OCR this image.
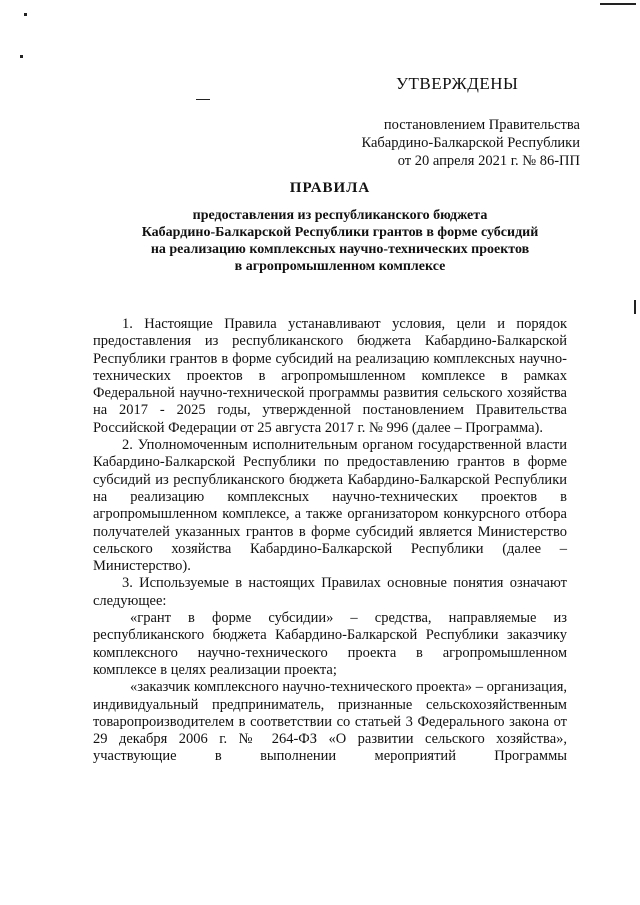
УТВЕРЖДЕНЫ
постановлением Правительства
Кабардино-Балкарской Республики
от 20 апреля 2021 г. № 86-ПП
ПРАВИЛА
предоставления из республиканского бюджета
Кабардино-Балкарской Республики грантов в форме субсидий
на реализацию комплексных научно-технических проектов
в агропромышленном комплексе

1. Настоящие Правила устанавливают условия, цели и порядок предоставления из республиканского бюджета Кабардино-Балкарской Республики грантов в форме субсидий на реализацию комплексных научно-технических проектов в агропромышленном комплексе в рамках Федеральной научно-технической программы развития сельского хозяйства на 2017 - 2025 годы, утвержденной постановлением Правительства Российской Федерации от 25 августа 2017 г. № 996 (далее – Программа).

2. Уполномоченным исполнительным органом государственной власти Кабардино-Балкарской Республики по предоставлению грантов в форме субсидий из республиканского бюджета Кабардино-Балкарской Республики на реализацию комплексных научно-технических проектов в агропромышленном комплексе, а также организатором конкурсного отбора получателей указанных грантов в форме субсидий является Министерство сельского хозяйства Кабардино-Балкарской Республики (далее – Министерство).

3. Используемые в настоящих Правилах основные понятия означают следующее:

«грант в форме субсидии» – средства, направляемые из республиканского бюджета Кабардино-Балкарской Республики заказчику комплексного научно-технического проекта в агропромышленном комплексе в целях реализации проекта;

«заказчик комплексного научно-технического проекта» – организация, индивидуальный предприниматель, признанные сельскохозяйственным товаропроизводителем в соответствии со статьей 3 Федерального закона от 29 декабря 2006 г. № 264-ФЗ «О развитии сельского хозяйства», участвующие в выполнении мероприятий Программы
